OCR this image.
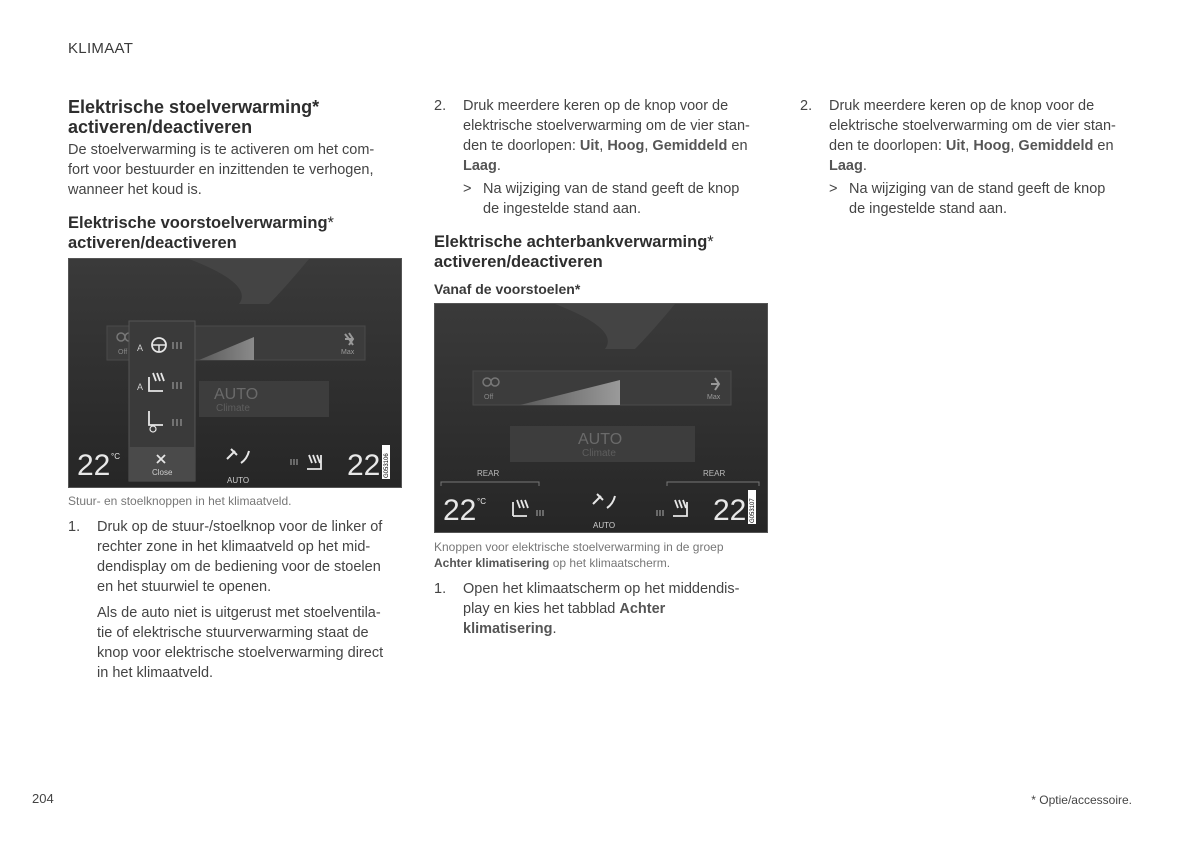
KLIMAAT
Elektrische stoelverwarming*
activeren/deactiveren
De stoelverwarming is te activeren om het com-
fort voor bestuurder en inzittenden te verhogen,
wanneer het koud is.
Elektrische voorstoelverwarming*
activeren/deactiveren
Off	Max
AUTO
Climate
A
A
Close
22 °C
AUTO	22 G053106
Stuur- en stoelknoppen in het klimaatveld.
1. Druk op de stuur-/stoelknop voor de linker of
rechter zone in het klimaatveld op het mid-
dendisplay om de bediening voor de stoelen
en het stuurwiel te openen.
Als de auto niet is uitgerust met stoelventila-
tie of elektrische stuurverwarming staat de
knop voor elektrische stoelverwarming direct
in het klimaatveld.
2. Druk meerdere keren op de knop voor de
elektrische stoelverwarming om de vier stan-
den te doorlopen: Uit, Hoog, Gemiddeld en
Laag.
> Na wijziging van de stand geeft de knop
de ingestelde stand aan.
Elektrische achterbankverwarming*
activeren/deactiveren
Vanaf de voorstoelen*
Off	Max
AUTO
Climate
REAR	REAR
22 °C
AUTO	22 G053107
Knoppen voor elektrische stoelverwarming in de groep
Achter klimatisering op het klimaatscherm.
1. Open het klimaatscherm op het middendis-
play en kies het tabblad Achter
klimatisering.
2. Druk meerdere keren op de knop voor de
elektrische stoelverwarming om de vier stan-
den te doorlopen: Uit, Hoog, Gemiddeld en
Laag.
> Na wijziging van de stand geeft de knop
de ingestelde stand aan.
204	* Optie/accessoire.
